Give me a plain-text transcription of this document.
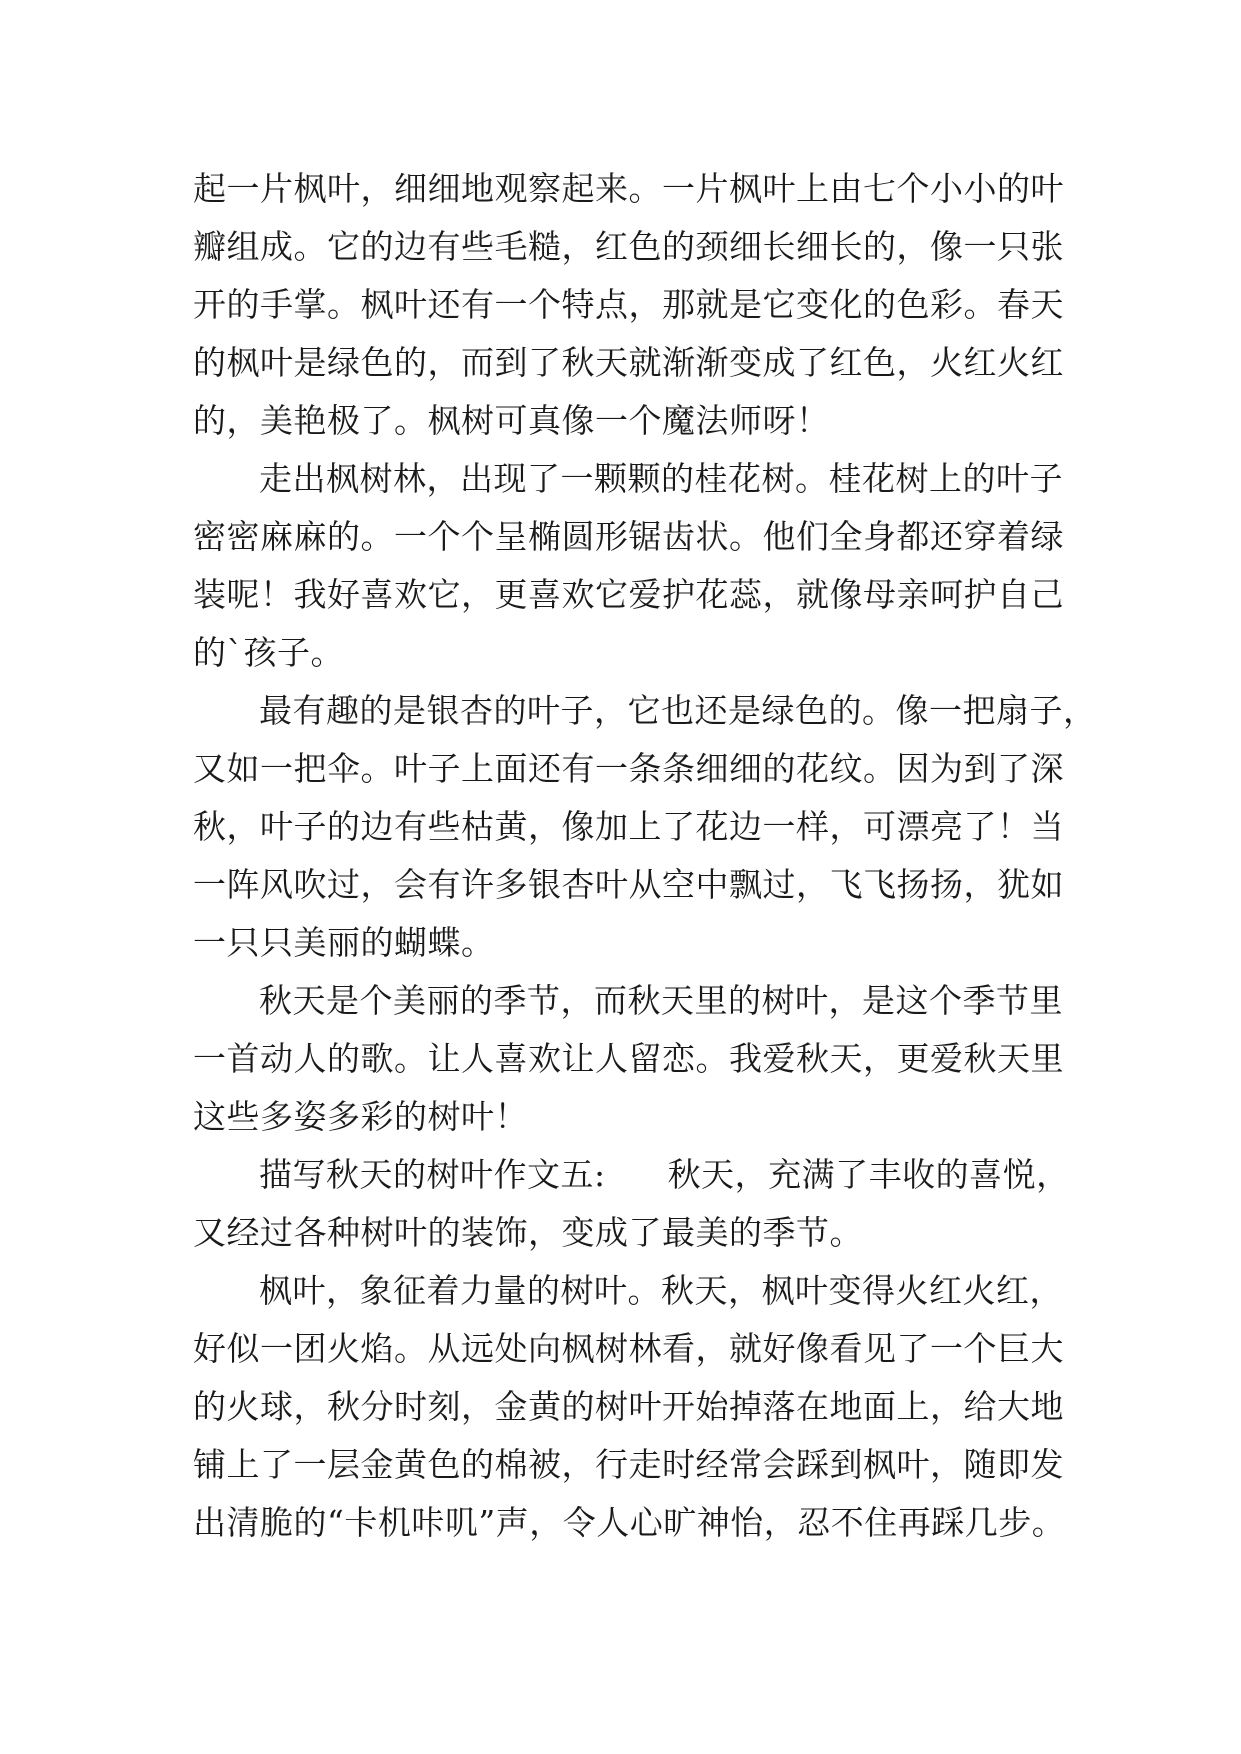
起一片枫叶，细细地观察起来。一片枫叶上由七个小小的叶
瓣组成。它的边有些毛糙，红色的颈细长细长的，像一只张
开的手掌。枫叶还有一个特点，那就是它变化的色彩。春天
的枫叶是绿色的，而到了秋天就渐渐变成了红色，火红火红
的，美艳极了。枫树可真像一个魔法师呀！
走出枫树林，出现了一颗颗的桂花树。桂花树上的叶子
密密麻麻的。一个个呈椭圆形锯齿状。他们全身都还穿着绿
装呢！我好喜欢它，更喜欢它爱护花蕊，就像母亲呵护自己
的`孩子。
最有趣的是银杏的叶子，它也还是绿色的。像一把扇子，
又如一把伞。叶子上面还有一条条细细的花纹。因为到了深
秋，叶子的边有些枯黄，像加上了花边一样，可漂亮了！当
一阵风吹过，会有许多银杏叶从空中飘过，飞飞扬扬，犹如
一只只美丽的蝴蝶。
秋天是个美丽的季节，而秋天里的树叶，是这个季节里
一首动人的歌。让人喜欢让人留恋。我爱秋天，更爱秋天里
这些多姿多彩的树叶！
描写秋天的树叶作文五: 秋天，充满了丰收的喜悦，
又经过各种树叶的装饰，变成了最美的季节。
枫叶，象征着力量的树叶。秋天，枫叶变得火红火红，
好似一团火焰。从远处向枫树林看，就好像看见了一个巨大
的火球，秋分时刻，金黄的树叶开始掉落在地面上，给大地
铺上了一层金黄色的棉被，行走时经常会踩到枫叶，随即发
出清脆的“卡机咔叽”声，令人心旷神怡，忍不住再踩几步。
